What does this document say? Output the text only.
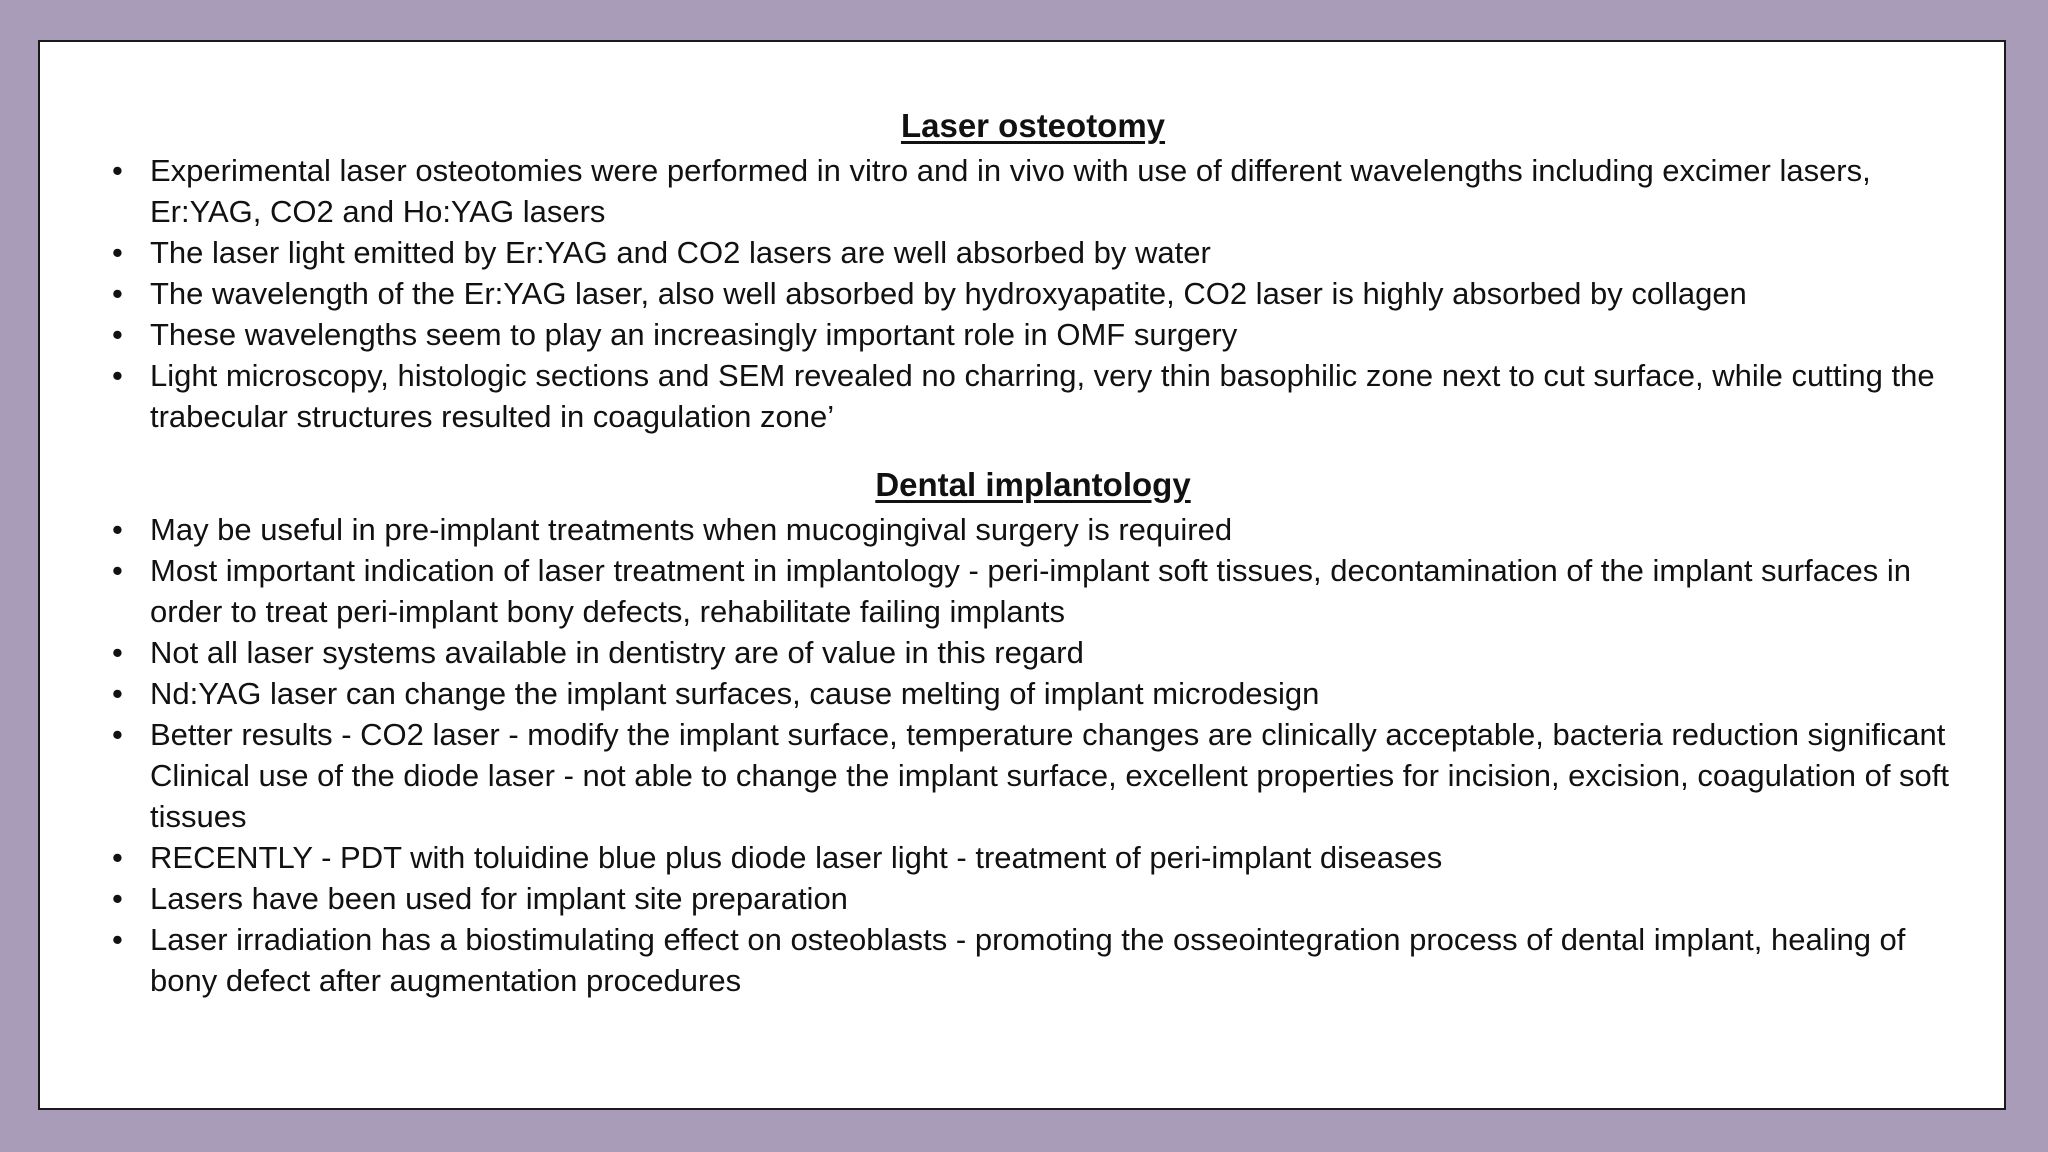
Laser osteotomy
• Experimental laser osteotomies were performed in vitro and in vivo with use of different wavelengths including excimer lasers, Er:YAG, CO2 and Ho:YAG lasers
• The laser light emitted by Er:YAG and CO2 lasers are well absorbed by water
• The wavelength of the Er:YAG laser, also well absorbed by hydroxyapatite, CO2 laser is highly absorbed by collagen
• These wavelengths seem to play an increasingly important role in OMF surgery
• Light microscopy, histologic sections and SEM revealed no charring, very thin basophilic zone next to cut surface, while cutting the trabecular structures resulted in coagulation zone’
Dental implantology
• May be useful in pre-implant treatments when mucogingival surgery is required
• Most important indication of laser treatment in implantology - peri-implant soft tissues, decontamination of the implant surfaces in order to treat peri-implant bony defects, rehabilitate failing implants
• Not all laser systems available in dentistry are of value in this regard
• Nd:YAG laser can change the implant surfaces, cause melting of implant microdesign
• Better results - CO2 laser - modify the implant surface, temperature changes are clinically acceptable, bacteria reduction significant Clinical use of the diode laser - not able to change the implant surface, excellent properties for incision, excision, coagulation of soft tissues
• RECENTLY - PDT with toluidine blue plus diode laser light - treatment of peri-implant diseases
• Lasers have been used for implant site preparation
• Laser irradiation has a biostimulating effect on osteoblasts - promoting the osseointegration process of dental implant, healing of bony defect after augmentation procedures
